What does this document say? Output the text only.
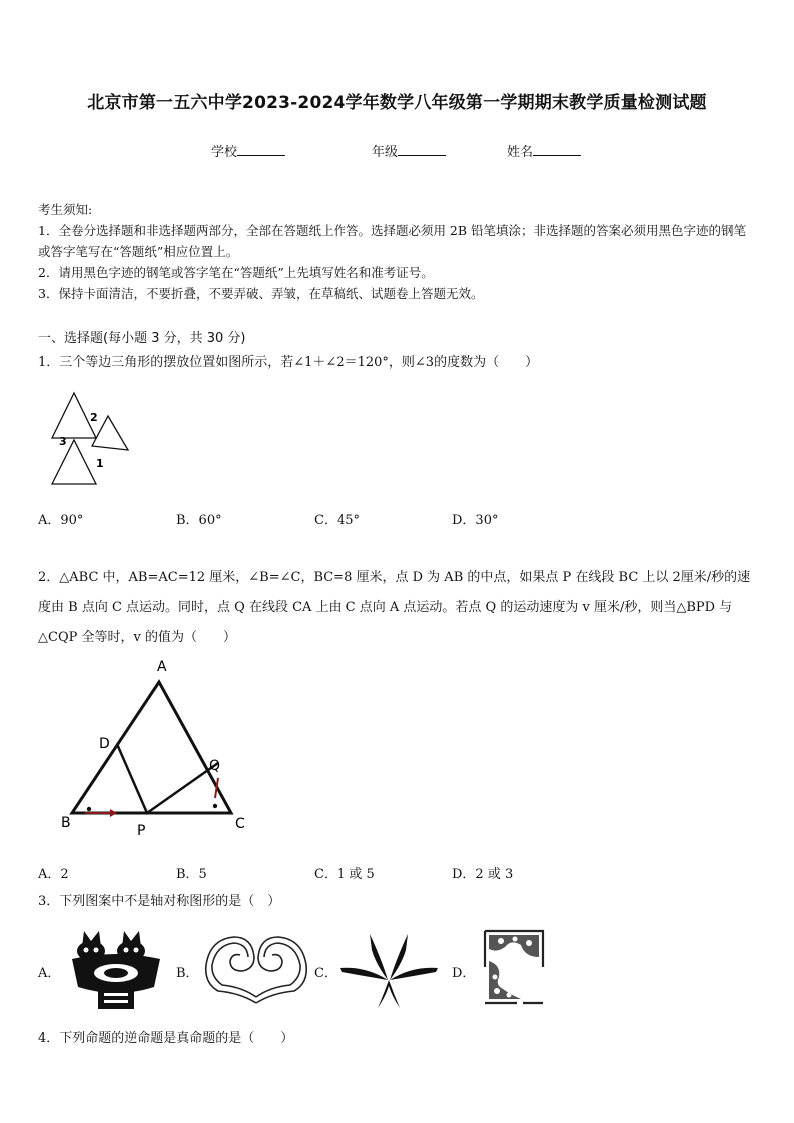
北京市第一五六中学2023-2024学年数学八年级第一学期期末教学质量检测试题
学校	年级	姓名
考生须知:
1．全卷分选择题和非选择题两部分，全部在答题纸上作答。选择题必须用 2B 铅笔填涂；非选择题的答案必须用黑色字迹的钢笔或答字笔写在“答题纸”相应位置上。
2．请用黑色字迹的钢笔或答字笔在“答题纸”上先填写姓名和准考证号。
3．保持卡面清洁，不要折叠，不要弄破、弄皱，在草稿纸、试题卷上答题无效。
一、选择题(每小题 3 分，共 30 分)
1．三个等边三角形的摆放位置如图所示，若∠1＋∠2＝120°，则∠3的度数为（　　）
2
3
1
A．90°	B．60°	C．45°	D．30°
2．△ABC 中，AB=AC=12 厘米，∠B=∠C，BC=8 厘米，点 D 为 AB 的中点，如果点 P 在线段 BC 上以 2厘米/秒的速度由 B 点向 C 点运动。同时，点 Q 在线段 CA 上由 C 点向 A 点运动。若点 Q 的运动速度为 v 厘米/秒，则当△BPD 与△CQP 全等时，v 的值为（　　）
A
D
Q
B	P	C
A．2	B．5	C．1 或 5	D．2 或 3
3．下列图案中不是轴对称图形的是（　）
A．	B．	C．	D．
4．下列命题的逆命题是真命题的是（　　）
